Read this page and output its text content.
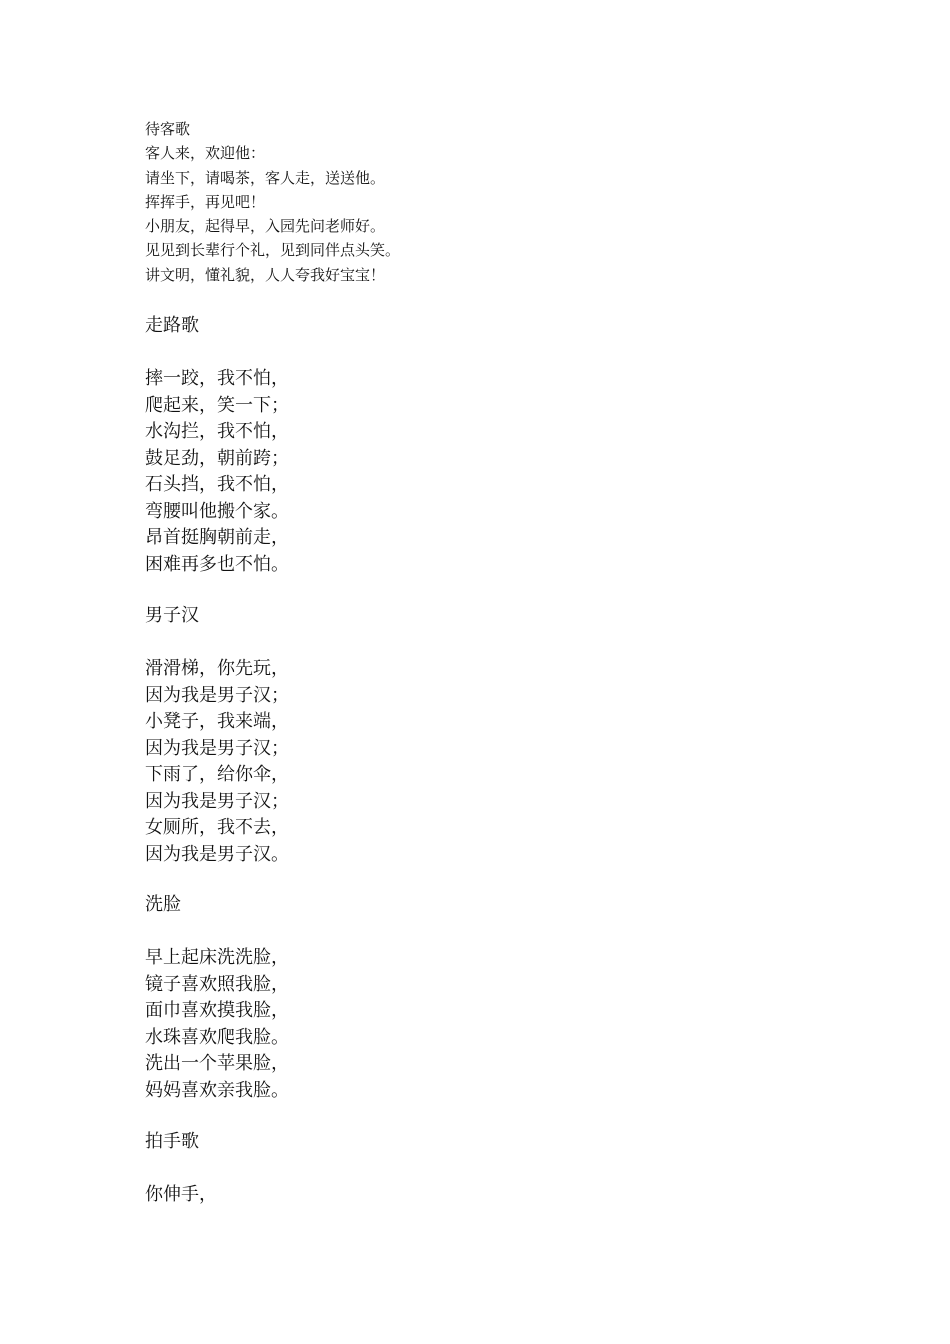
待客歌
客人来，欢迎他：
请坐下，请喝茶，客人走，送送他。
挥挥手，再见吧！
小朋友，起得早，入园先问老师好。
见见到长辈行个礼，见到同伴点头笑。
讲文明，懂礼貌，人人夸我好宝宝！
走路歌
摔一跤，我不怕，
爬起来，笑一下；
水沟拦，我不怕，
鼓足劲，朝前跨；
石头挡，我不怕，
弯腰叫他搬个家。
昂首挺胸朝前走，
困难再多也不怕。
男子汉
滑滑梯，你先玩，
因为我是男子汉；
小凳子，我来端，
因为我是男子汉；
下雨了，给你伞，
因为我是男子汉；
女厕所，我不去，
因为我是男子汉。
洗脸
早上起床洗洗脸，
镜子喜欢照我脸，
面巾喜欢摸我脸，
水珠喜欢爬我脸。
洗出一个苹果脸，
妈妈喜欢亲我脸。
拍手歌
你伸手，
